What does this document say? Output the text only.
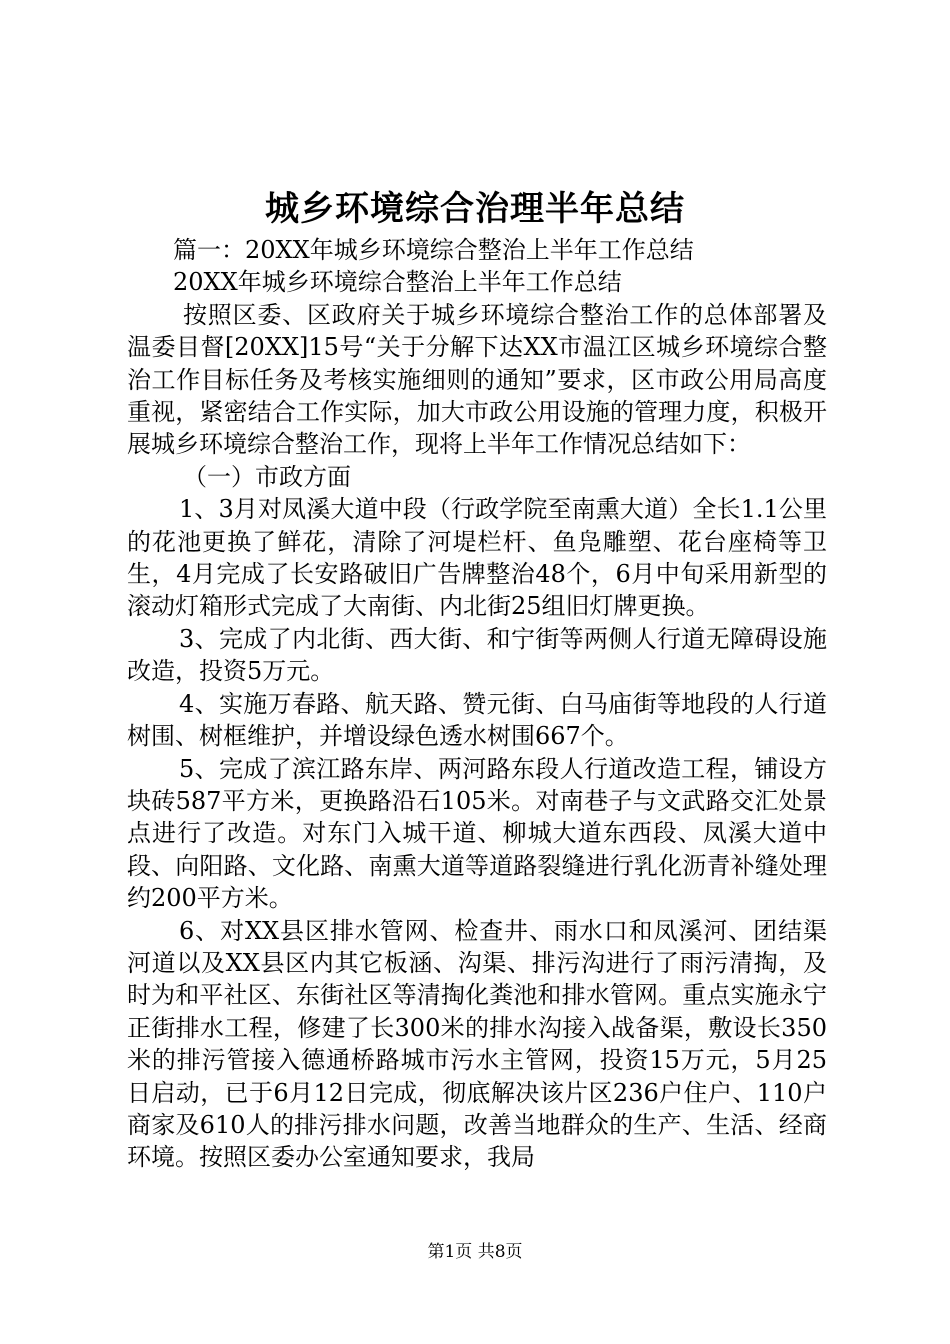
城乡环境综合治理半年总结

篇一：20XX年城乡环境综合整治上半年工作总结

20XX年城乡环境综合整治上半年工作总结

按照区委、区政府关于城乡环境综合整治工作的总体部署及温委目督[20XX]15号“关于分解下达XX市温江区城乡环境综合整治工作目标任务及考核实施细则的通知”要求，区市政公用局高度重视，紧密结合工作实际，加大市政公用设施的管理力度，积极开展城乡环境综合整治工作，现将上半年工作情况总结如下：

（一）市政方面

1、3月对凤溪大道中段（行政学院至南熏大道）全长1.1公里的花池更换了鲜花，清除了河堤栏杆、鱼凫雕塑、花台座椅等卫生，4月完成了长安路破旧广告牌整治48个，6月中旬采用新型的滚动灯箱形式完成了大南街、内北街25组旧灯牌更换。

3、完成了内北街、西大街、和宁街等两侧人行道无障碍设施改造，投资5万元。

4、实施万春路、航天路、赞元街、白马庙街等地段的人行道树围、树框维护，并增设绿色透水树围667个。

5、完成了滨江路东岸、两河路东段人行道改造工程，铺设方块砖587平方米，更换路沿石105米。对南巷子与文武路交汇处景点进行了改造。对东门入城干道、柳城大道东西段、凤溪大道中段、向阳路、文化路、南熏大道等道路裂缝进行乳化沥青补缝处理约200平方米。

6、对XX县区排水管网、检查井、雨水口和凤溪河、团结渠河道以及XX县区内其它板涵、沟渠、排污沟进行了雨污清掏，及时为和平社区、东街社区等清掏化粪池和排水管网。重点实施永宁正街排水工程，修建了长300米的排水沟接入战备渠，敷设长350米的排污管接入德通桥路城市污水主管网，投资15万元，5月25日启动，已于6月12日完成，彻底解决该片区236户住户、110户商家及610人的排污排水问题，改善当地群众的生产、生活、经商环境。按照区委办公室通知要求，我局

第1页 共8页
